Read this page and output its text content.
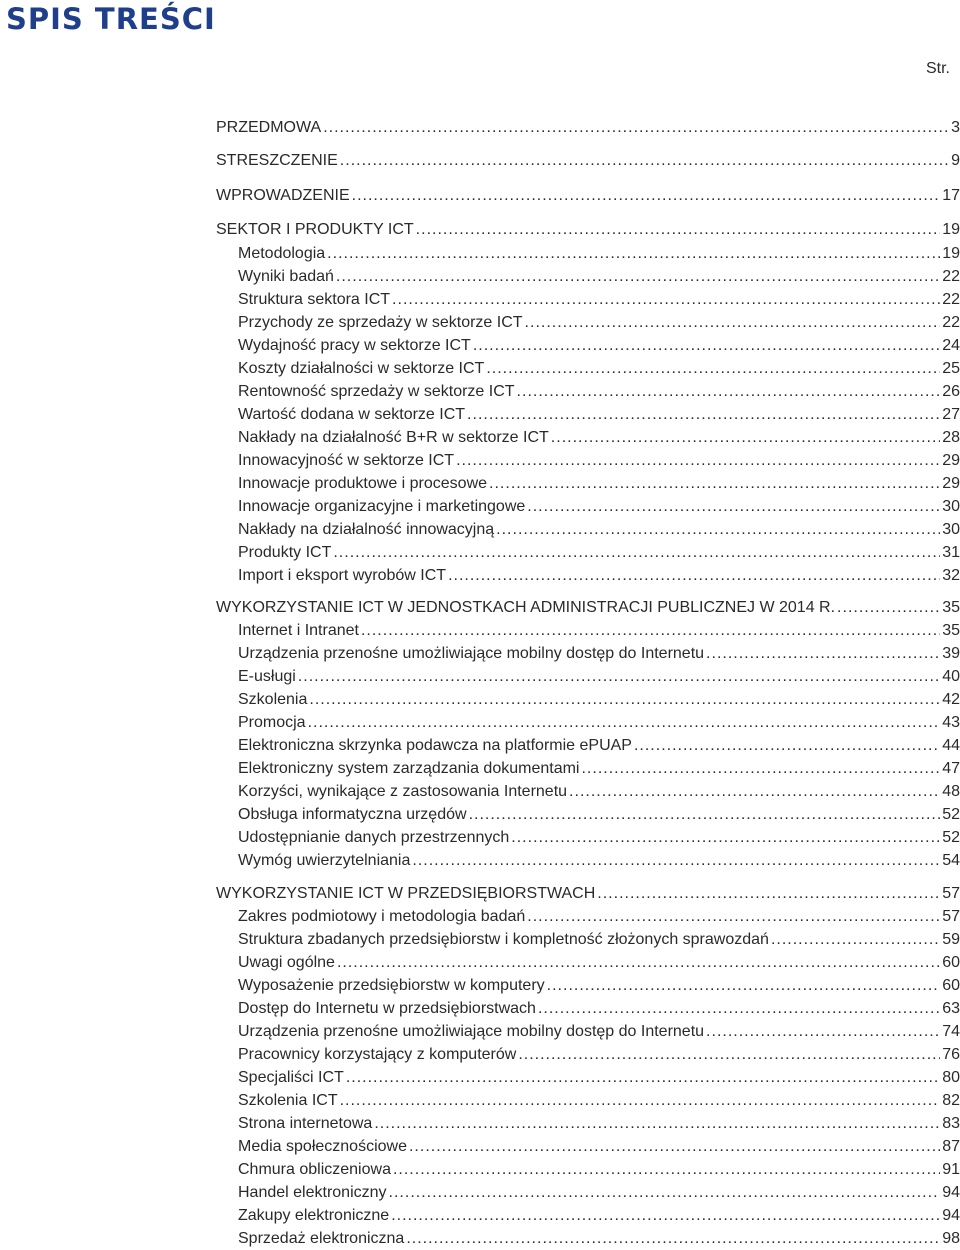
SPIS TREŚCI
Str.
PRZEDMOWA .....	3
STRESZCZENIE .....	9
WPROWADZENIE .....	17
SEKTOR I PRODUKTY ICT .....	19
Metodologia .....	19
Wyniki badań .....	22
Struktura sektora ICT .....	22
Przychody ze sprzedaży w sektorze ICT .....	22
Wydajność pracy w sektorze ICT .....	24
Koszty działalności w sektorze ICT .....	25
Rentowność sprzedaży w sektorze ICT .....	26
Wartość dodana w sektorze ICT .....	27
Nakłady na działalność B+R w sektorze ICT .....	28
Innowacyjność w sektorze ICT .....	29
Innowacje produktowe i procesowe .....	29
Innowacje organizacyjne i marketingowe .....	30
Nakłady na działalność innowacyjną .....	30
Produkty ICT .....	31
Import i eksport wyrobów ICT .....	32
WYKORZYSTANIE ICT W JEDNOSTKACH ADMINISTRACJI PUBLICZNEJ W 2014 R. .....	35
Internet i Intranet .....	35
Urządzenia przenośne umożliwiające mobilny dostęp do Internetu .....	39
E-usługi .....	40
Szkolenia .....	42
Promocja .....	43
Elektroniczna skrzynka podawcza na platformie ePUAP .....	44
Elektroniczny system zarządzania dokumentami .....	47
Korzyści, wynikające z zastosowania Internetu .....	48
Obsługa informatyczna urzędów .....	52
Udostępnianie danych przestrzennych .....	52
Wymóg uwierzytelniania .....	54
WYKORZYSTANIE ICT W PRZEDSIĘBIORSTWACH .....	57
Zakres podmiotowy i metodologia badań .....	57
Struktura zbadanych przedsiębiorstw i kompletność złożonych sprawozdań .....	59
Uwagi ogólne .....	60
Wyposażenie przedsiębiorstw w komputery .....	60
Dostęp do Internetu w przedsiębiorstwach .....	63
Urządzenia przenośne umożliwiające mobilny dostęp do Internetu .....	74
Pracownicy korzystający z komputerów .....	76
Specjaliści ICT .....	80
Szkolenia ICT .....	82
Strona internetowa .....	83
Media społecznościowe .....	87
Chmura obliczeniowa .....	91
Handel elektroniczny .....	94
Zakupy elektroniczne .....	94
Sprzedaż elektroniczna .....	98
